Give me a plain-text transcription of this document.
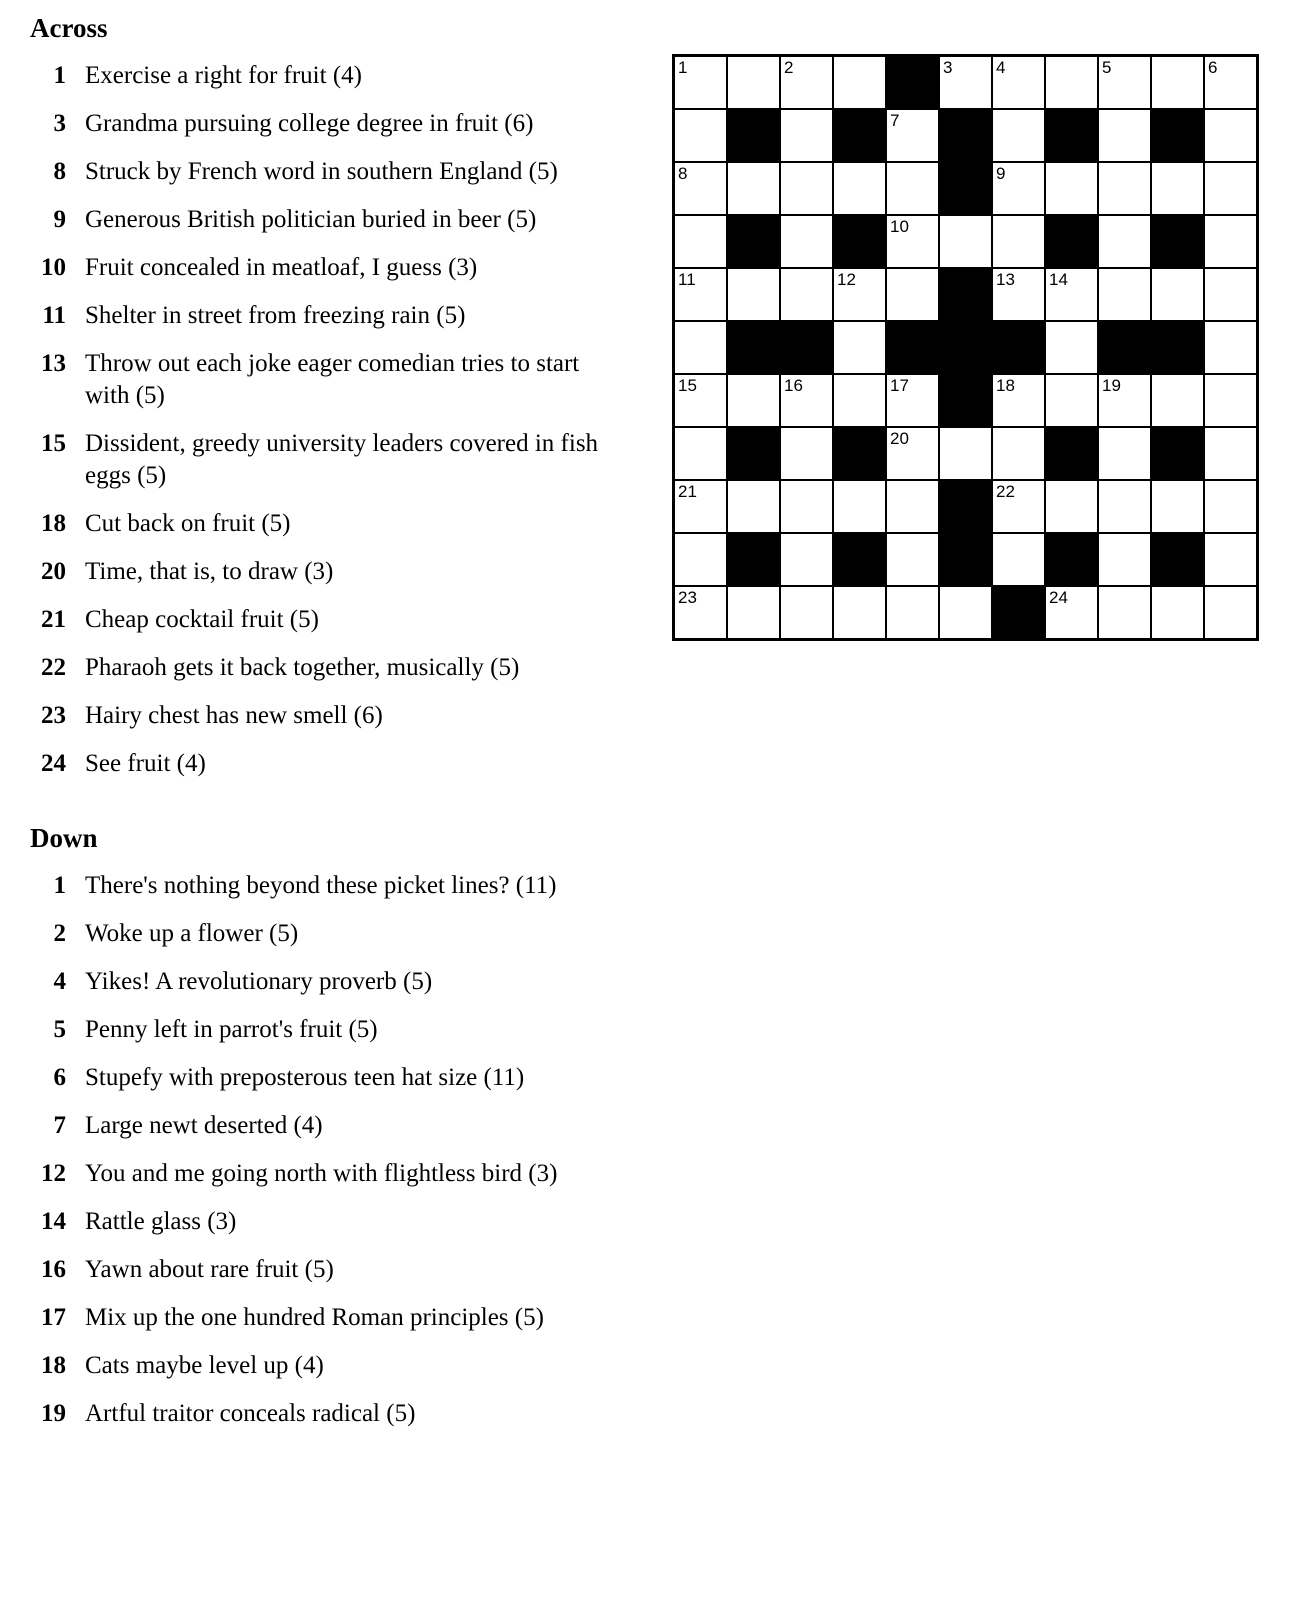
Across
1 Exercise a right for fruit (4)
3 Grandma pursuing college degree in fruit (6)
8 Struck by French word in southern England (5)
9 Generous British politician buried in beer (5)
10 Fruit concealed in meatloaf, I guess (3)
11 Shelter in street from freezing rain (5)
13 Throw out each joke eager comedian tries to start with (5)
15 Dissident, greedy university leaders covered in fish eggs (5)
18 Cut back on fruit (5)
20 Time, that is, to draw (3)
21 Cheap cocktail fruit (5)
22 Pharaoh gets it back together, musically (5)
23 Hairy chest has new smell (6)
24 See fruit (4)
Down
1 There's nothing beyond these picket lines? (11)
2 Woke up a flower (5)
4 Yikes! A revolutionary proverb (5)
5 Penny left in parrot's fruit (5)
6 Stupefy with preposterous teen hat size (11)
7 Large newt deserted (4)
12 You and me going north with flightless bird (3)
14 Rattle glass (3)
16 Yawn about rare fruit (5)
17 Mix up the one hundred Roman principles (5)
18 Cats maybe level up (4)
19 Artful traitor conceals radical (5)
1	2	3	4	5	6
7
8	9
10
11	12	13 14
15	16	17	18	19
20
21	22
23	24
